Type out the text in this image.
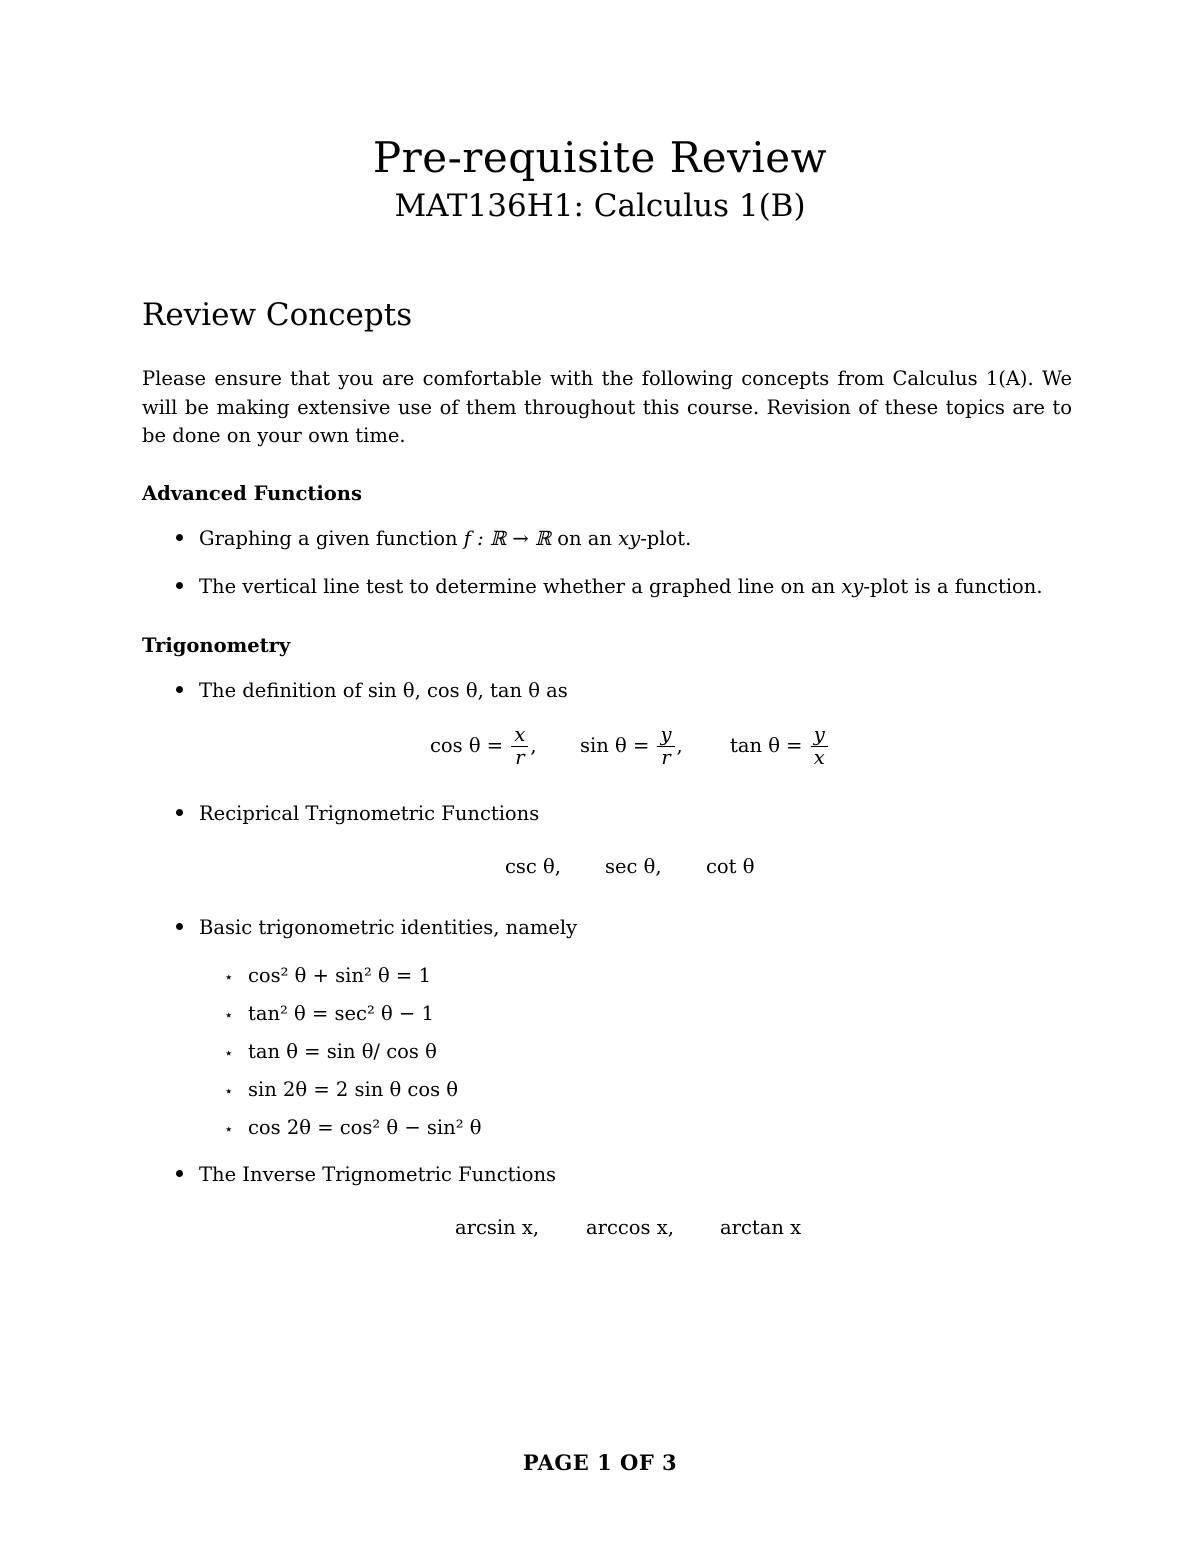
Pre-requisite Review
MAT136H1: Calculus 1(B)
Review Concepts
Please ensure that you are comfortable with the following concepts from Calculus 1(A). We will be making extensive use of them throughout this course. Revision of these topics are to be done on your own time.
Advanced Functions
Graphing a given function f : ℝ → ℝ on an xy-plot.
The vertical line test to determine whether a graphed line on an xy-plot is a function.
Trigonometry
The definition of sin θ, cos θ, tan θ as
$\cos \theta = \frac{x}{r}$ , $\sin \theta = \frac{y}{r}$ , $\tan \theta = \frac{y}{x}$
Reciprical Trignometric Functions
csc θ, sec θ, cot θ
Basic trigonometric identities, namely
⋆ cos² θ + sin² θ = 1
⋆ tan² θ = sec² θ − 1
⋆ tan θ = sin θ/ cos θ
⋆ sin 2θ = 2 sin θ cos θ
⋆ cos 2θ = cos² θ − sin² θ
The Inverse Trignometric Functions
arcsin x, arccos x, arctan x
PAGE 1 OF 3
